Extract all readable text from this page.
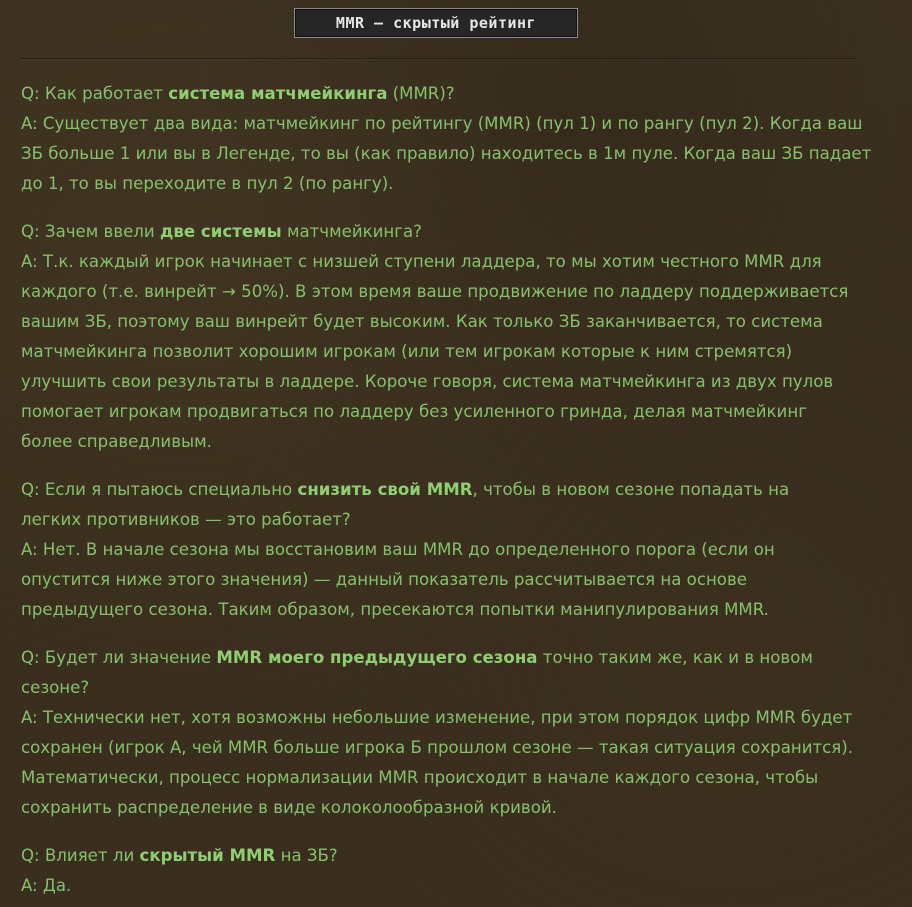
MMR — скрытый рейтинг

Q: Как работает система матчмейкинга (MMR)?

A: Существует два вида: матчмейкинг по рейтингу (MMR) (пул 1) и по рангу (пул 2). Когда ваш

ЗБ больше 1 или вы в Легенде, то вы (как правило) находитесь в 1м пуле. Когда ваш ЗБ падает

до 1, то вы переходите в пул 2 (по рангу).

Q: Зачем ввели две системы матчмейкинга?

A: Т.к. каждый игрок начинает с низшей ступени ладдера, то мы хотим честного MMR для

каждого (т.е. винрейт → 50%). В этом время ваше продвижение по ладдеру поддерживается

вашим ЗБ, поэтому ваш винрейт будет высоким. Как только ЗБ заканчивается, то система

матчмейкинга позволит хорошим игрокам (или тем игрокам которые к ним стремятся)

улучшить свои результаты в ладдере. Короче говоря, система матчмейкинга из двух пулов

помогает игрокам продвигаться по ладдеру без усиленного гринда, делая матчмейкинг

более справедливым.

Q: Если я пытаюсь специально снизить свой MMR, чтобы в новом сезоне попадать на

легких противников — это работает?

A: Нет. В начале сезона мы восстановим ваш MMR до определенного порога (если он

опустится ниже этого значения) — данный показатель рассчитывается на основе

предыдущего сезона. Таким образом, пресекаются попытки манипулирования MMR.

Q: Будет ли значение MMR моего предыдущего сезона точно таким же, как и в новом

сезоне?

A: Технически нет, хотя возможны небольшие изменение, при этом порядок цифр MMR будет

сохранен (игрок А, чей MMR больше игрока Б прошлом сезоне — такая ситуация сохранится).

Математически, процесс нормализации MMR происходит в начале каждого сезона, чтобы

сохранить распределение в виде колоколообразной кривой.

Q: Влияет ли скрытый MMR на ЗБ?

A: Да.
